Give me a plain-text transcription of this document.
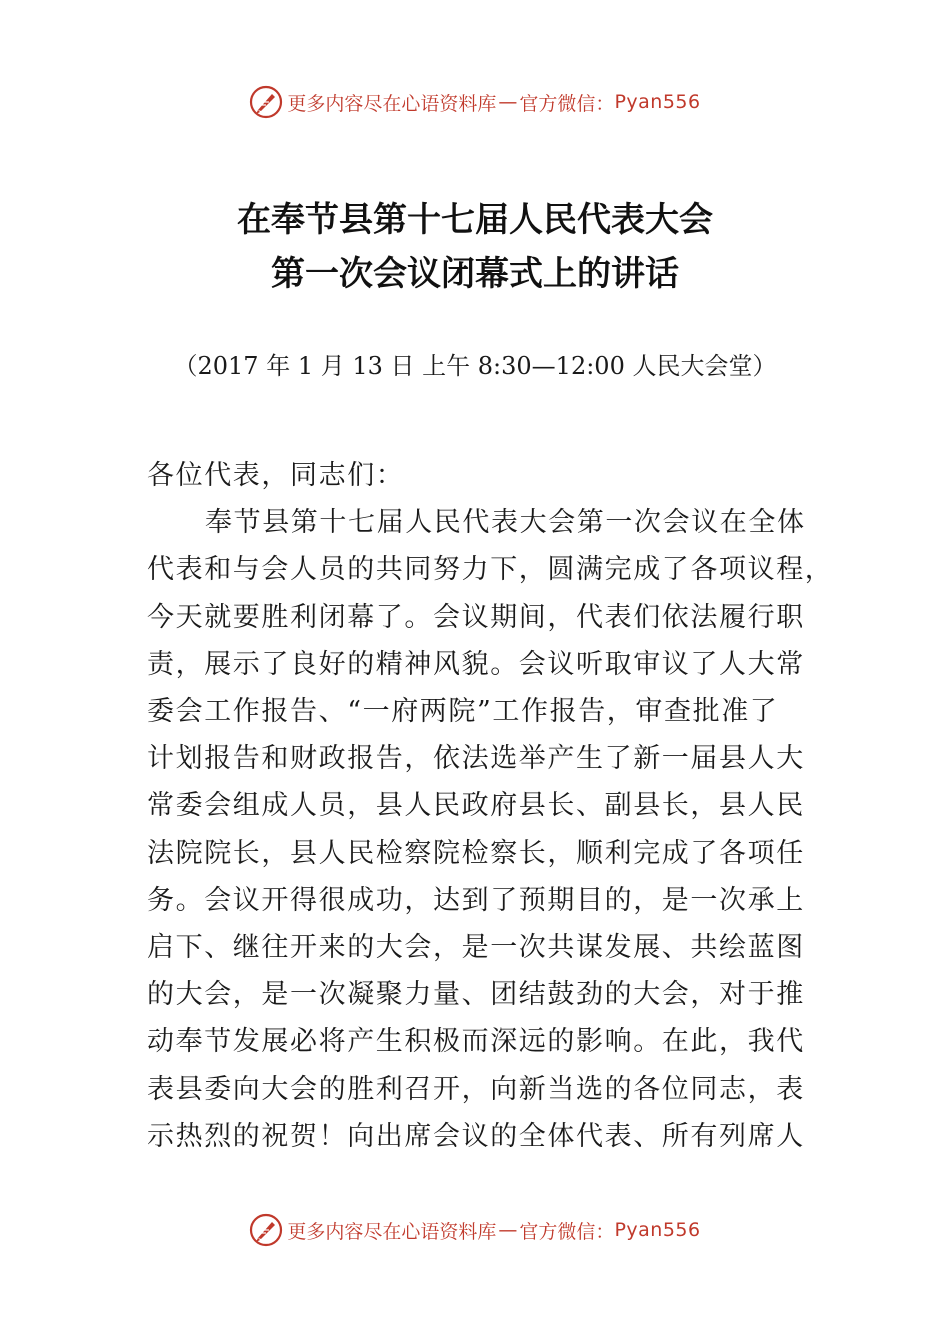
更多内容尽在心语资料库 — 官方微信： Pyan556
在奉节县第十七届人民代表大会
第一次会议闭幕式上的讲话
（2017 年 1 月 13 日 上午 8:30—12:00 人民大会堂）

各位代表，同志们：

奉节县第十七届人民代表大会第一次会议在全体

代表和与会人员的共同努力下，圆满完成了各项议程，

今天就要胜利闭幕了。会议期间，代表们依法履行职

责，展示了良好的精神风貌。会议听取审议了人大常

委会工作报告、“一府两院”工作报告，审查批准了

计划报告和财政报告，依法选举产生了新一届县人大

常委会组成人员，县人民政府县长、副县长，县人民

法院院长，县人民检察院检察长，顺利完成了各项任

务。会议开得很成功，达到了预期目的，是一次承上

启下、继往开来的大会，是一次共谋发展、共绘蓝图

的大会，是一次凝聚力量、团结鼓劲的大会，对于推

动奉节发展必将产生积极而深远的影响。在此，我代

表县委向大会的胜利召开，向新当选的各位同志，表

示热烈的祝贺！向出席会议的全体代表、所有列席人

更多内容尽在心语资料库 — 官方微信： Pyan556
